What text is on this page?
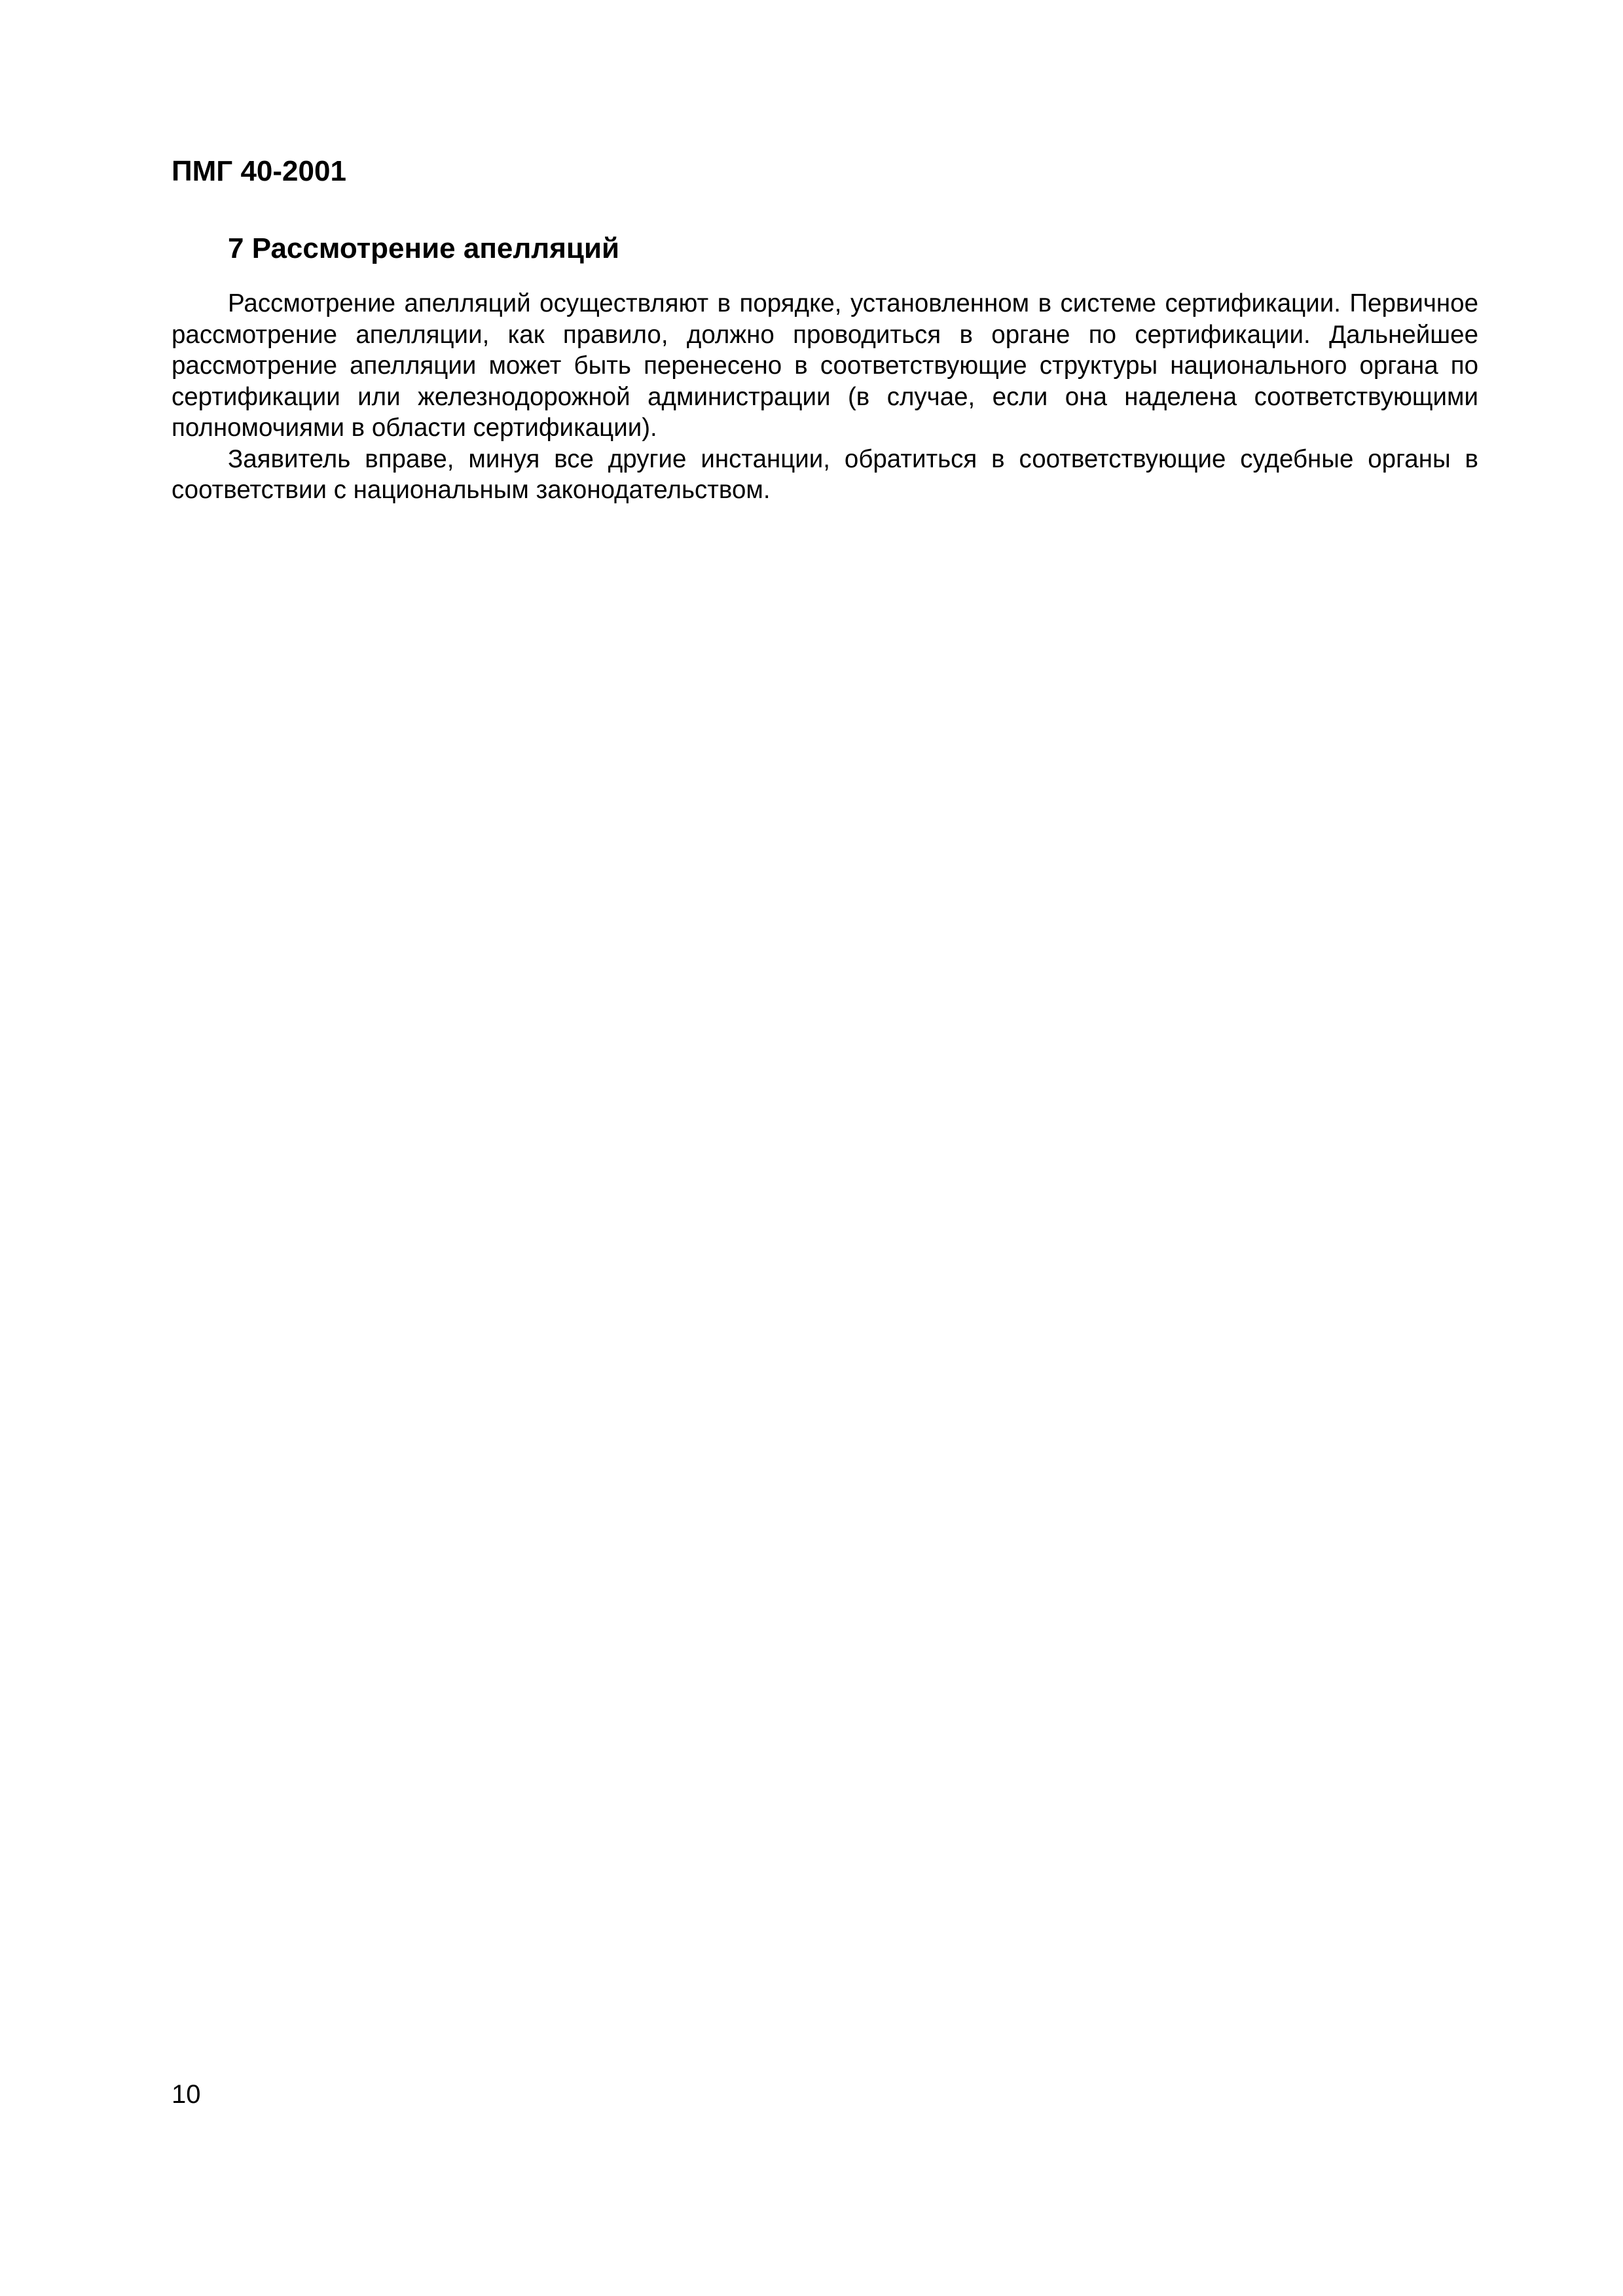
ПМГ 40-2001
7 Рассмотрение апелляций

Рассмотрение апелляций осуществляют в порядке, установленном в системе сертификации. Первичное рассмотрение апелляции, как правило, должно проводиться в органе по сертификации. Дальнейшее рассмотрение апелляции может быть перенесено в соответствующие структуры национального органа по сертификации или железнодорожной администрации (в случае, если она наделена соответствующими полномочиями в области сертификации).

Заявитель вправе, минуя все другие инстанции, обратиться в соответствующие судебные органы в соответствии с национальным законодательством.

10
